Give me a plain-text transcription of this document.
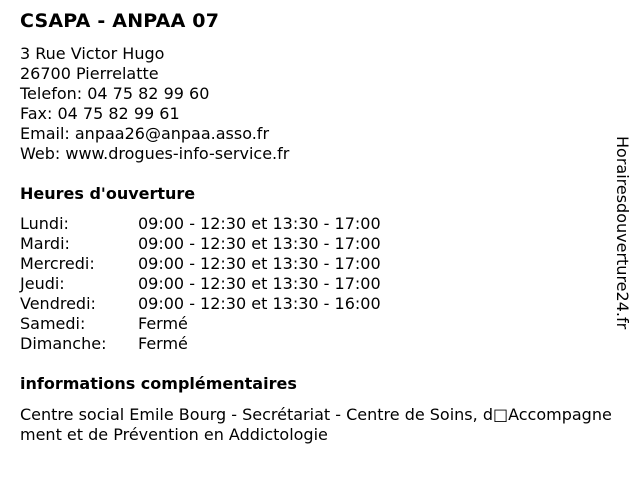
CSAPA - ANPAA 07
3 Rue Victor Hugo
26700 Pierrelatte
Telefon: 04 75 82 99 60
Fax: 04 75 82 99 61
Email: anpaa26@anpaa.asso.fr
Web: www.drogues-info-service.fr
Heures d'ouverture
Lundi:	09:00 - 12:30 et 13:30 - 17:00
Mardi:	09:00 - 12:30 et 13:30 - 17:00
Mercredi:	09:00 - 12:30 et 13:30 - 17:00
Jeudi:	09:00 - 12:30 et 13:30 - 17:00
Vendredi:	09:00 - 12:30 et 13:30 - 16:00
Samedi:	Fermé
Dimanche:	Fermé
informations complémentaires
Centre social Emile Bourg - Secrétariat - Centre de Soins, d□Accompagnement et de Prévention en Addictologie
Horairesdouverture24.fr
